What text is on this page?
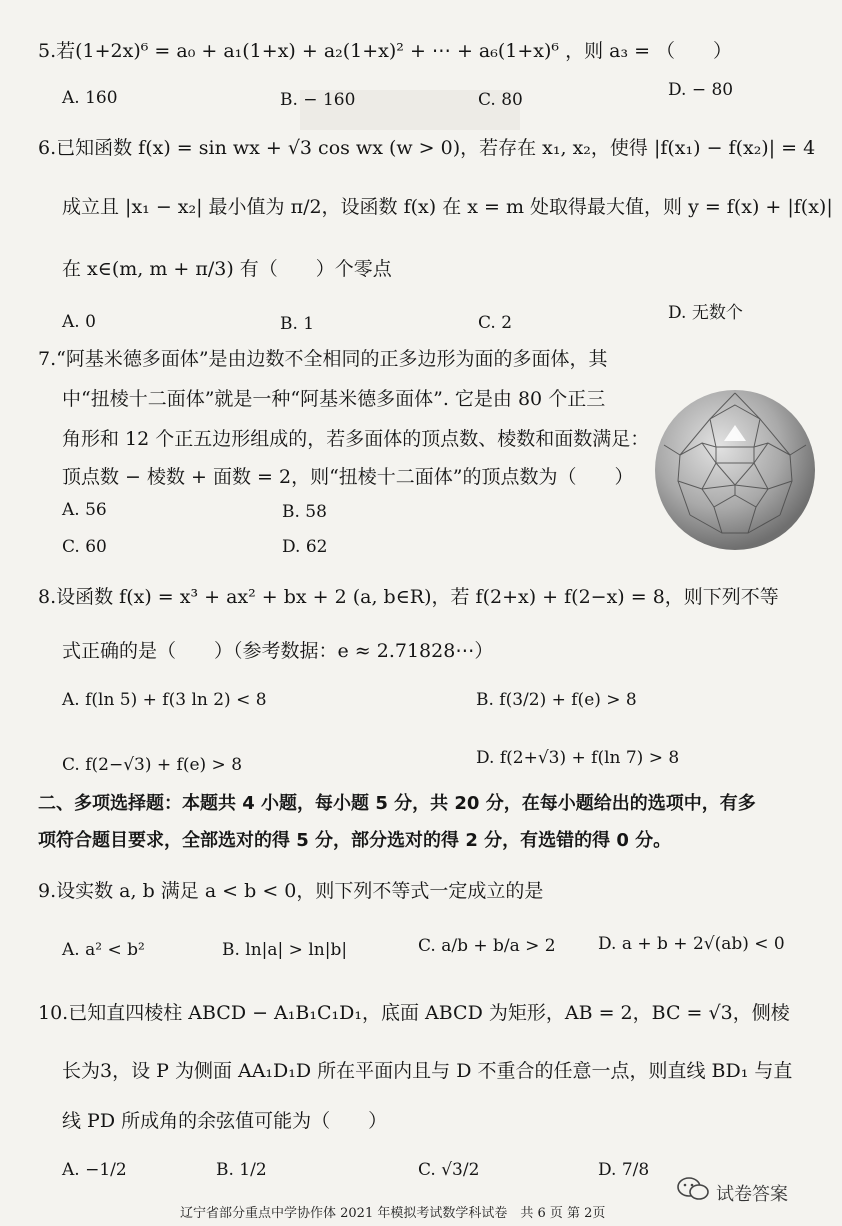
5.若(1+2x)⁶ = a₀ + a₁(1+x) + a₂(1+x)² + ⋯ + a₆(1+x)⁶ ，则 a₃ = （　　）
A. 160	B. − 160	C. 80	D. − 80
6.已知函数 f(x) = sin wx + √3 cos wx (w > 0)，若存在 x₁, x₂，使得 |f(x₁) − f(x₂)| = 4
成立且 |x₁ − x₂| 最小值为 π/2，设函数 f(x) 在 x = m 处取得最大值，则 y = f(x) + |f(x)|
在 x∈(m, m + π/3) 有（　　）个零点
A. 0	B. 1	C. 2	D. 无数个
7.“阿基米德多面体”是由边数不全相同的正多边形为面的多面体，其
中“扭棱十二面体”就是一种“阿基米德多面体”. 它是由 80 个正三
角形和 12 个正五边形组成的，若多面体的顶点数、棱数和面数满足：
顶点数 − 棱数 + 面数 = 2，则“扭棱十二面体”的顶点数为（　　）
A. 56	B. 58
C. 60	D. 62
8.设函数 f(x) = x³ + ax² + bx + 2 (a, b∈R)，若 f(2+x) + f(2−x) = 8，则下列不等
式正确的是（　　）（参考数据：e ≈ 2.71828⋯）
A. f(ln 5) + f(3 ln 2) < 8	B. f(3/2) + f(e) > 8
C. f(2−√3) + f(e) > 8	D. f(2+√3) + f(ln 7) > 8
二、多项选择题：本题共 4 小题，每小题 5 分，共 20 分，在每小题给出的选项中，有多
项符合题目要求，全部选对的得 5 分，部分选对的得 2 分，有选错的得 0 分。
9.设实数 a, b 满足 a < b < 0，则下列不等式一定成立的是
A. a² < b²	B. ln|a| > ln|b|	C. a/b + b/a > 2 D. a + b + 2√(ab) < 0
10.已知直四棱柱 ABCD − A₁B₁C₁D₁，底面 ABCD 为矩形，AB = 2，BC = √3，侧棱
长为3，设 P 为侧面 AA₁D₁D 所在平面内且与 D 不重合的任意一点，则直线 BD₁ 与直
线 PD 所成角的余弦值可能为（　　）
A. −1/2	B. 1/2	C. √3/2	D. 7/8
辽宁省部分重点中学协作体 2021 年模拟考试数学科试卷　共 6 页 第 2页
试卷答案
